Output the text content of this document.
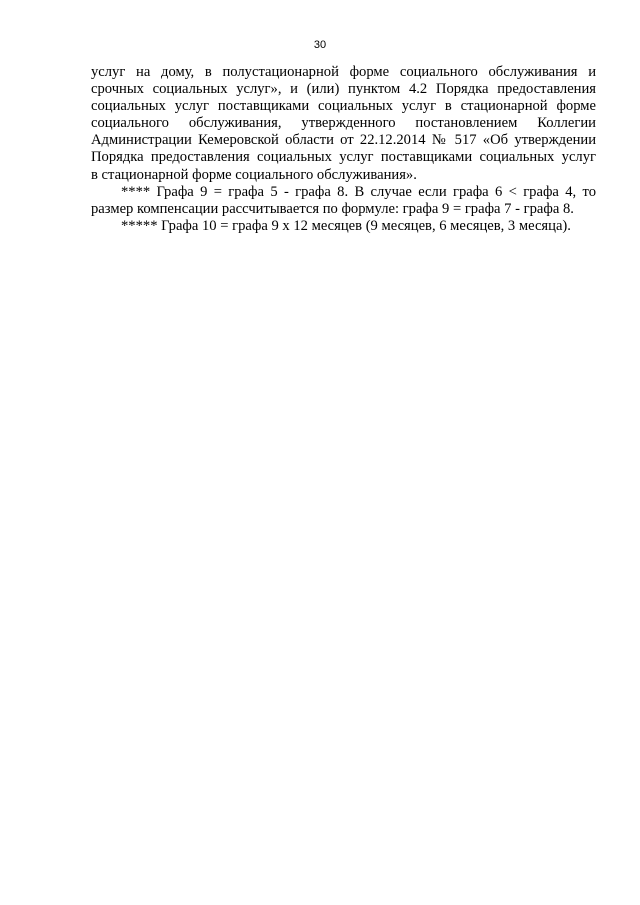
30

услуг на дому, в полустационарной форме социального обслуживания и
срочных социальных услуг», и (или) пунктом 4.2 Порядка предоставления
социальных услуг поставщиками социальных услуг в стационарной форме
социального обслуживания, утвержденного постановлением Коллегии
Администрации Кемеровской области от 22.12.2014 № 517 «Об утверждении
Порядка предоставления социальных услуг поставщиками социальных услуг
в стационарной форме социального обслуживания».

**** Графа 9 = графа 5 - графа 8. В случае если графа 6 < графа 4, то
размер компенсации рассчитывается по формуле: графа 9 = графа 7 - графа 8.

***** Графа 10 = графа 9 х 12 месяцев (9 месяцев, 6 месяцев, 3 месяца).
